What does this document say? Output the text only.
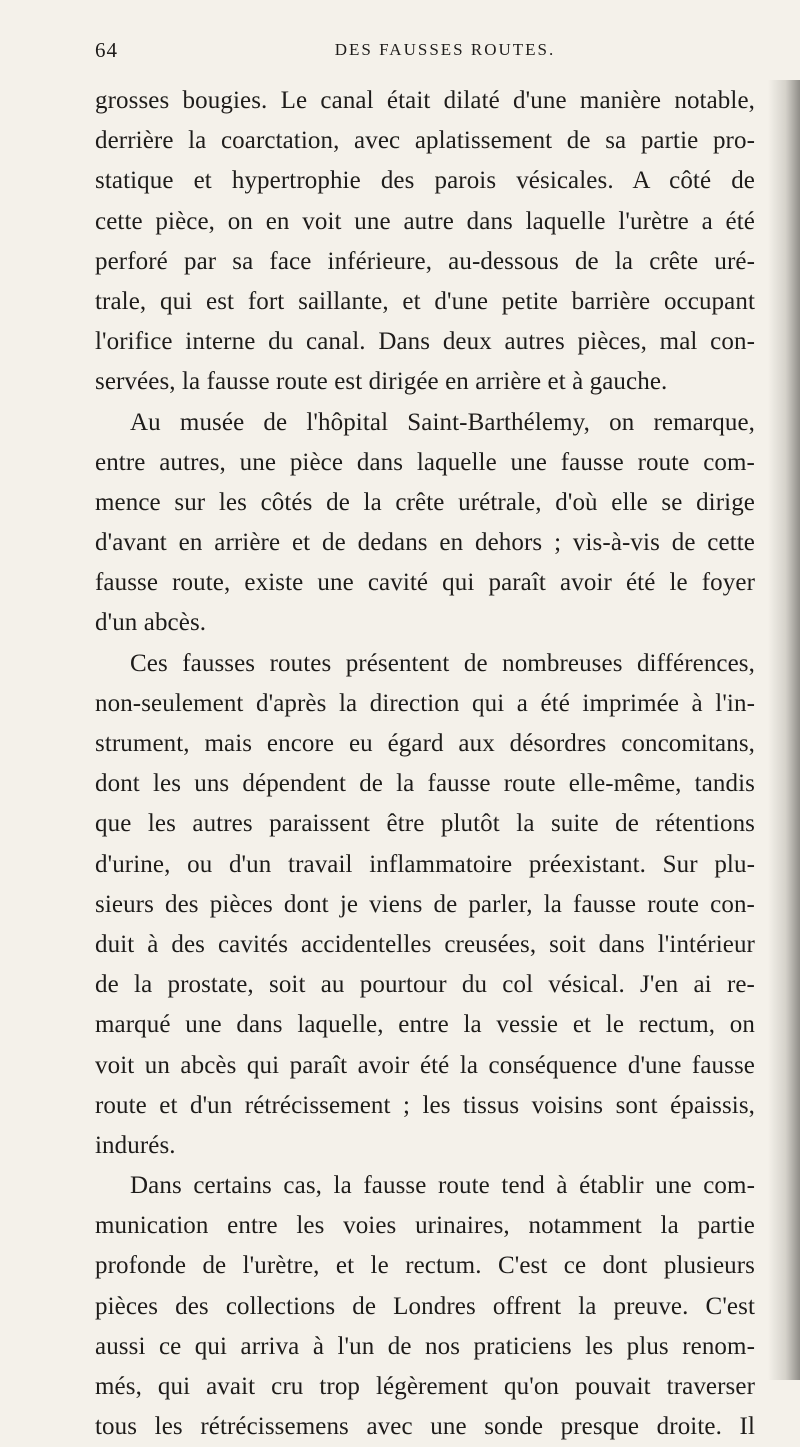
64	DES FAUSSES ROUTES.
grosses bougies. Le canal était dilaté d'une manière notable,
derrière la coarctation, avec aplatissement de sa partie pro-
statique et hypertrophie des parois vésicales. A côté de
cette pièce, on en voit une autre dans laquelle l'urètre a été
perforé par sa face inférieure, au-dessous de la crête uré-
trale, qui est fort saillante, et d'une petite barrière occupant
l'orifice interne du canal. Dans deux autres pièces, mal con-
servées, la fausse route est dirigée en arrière et à gauche.
Au musée de l'hôpital Saint-Barthélemy, on remarque,
entre autres, une pièce dans laquelle une fausse route com-
mence sur les côtés de la crête urétrale, d'où elle se dirige
d'avant en arrière et de dedans en dehors ; vis-à-vis de cette
fausse route, existe une cavité qui paraît avoir été le foyer
d'un abcès.
Ces fausses routes présentent de nombreuses différences,
non-seulement d'après la direction qui a été imprimée à l'in-
strument, mais encore eu égard aux désordres concomitans,
dont les uns dépendent de la fausse route elle-même, tandis
que les autres paraissent être plutôt la suite de rétentions
d'urine, ou d'un travail inflammatoire préexistant. Sur plu-
sieurs des pièces dont je viens de parler, la fausse route con-
duit à des cavités accidentelles creusées, soit dans l'intérieur
de la prostate, soit au pourtour du col vésical. J'en ai re-
marqué une dans laquelle, entre la vessie et le rectum, on
voit un abcès qui paraît avoir été la conséquence d'une fausse
route et d'un rétrécissement ; les tissus voisins sont épaissis,
indurés.
Dans certains cas, la fausse route tend à établir une com-
munication entre les voies urinaires, notamment la partie
profonde de l'urètre, et le rectum. C'est ce dont plusieurs
pièces des collections de Londres offrent la preuve. C'est
aussi ce qui arriva à l'un de nos praticiens les plus renom-
més, qui avait cru trop légèrement qu'on pouvait traverser
tous les rétrécissemens avec une sonde presque droite. Il
